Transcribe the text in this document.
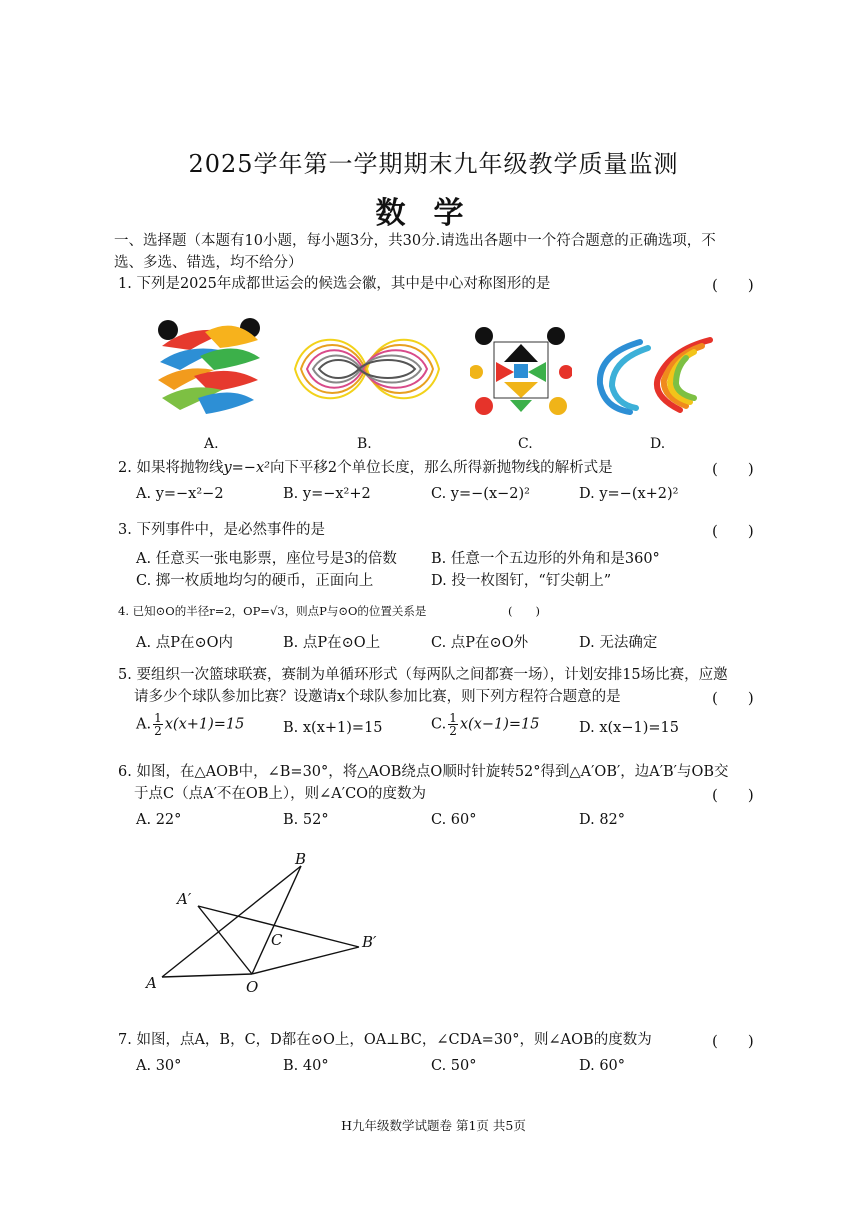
2025学年第一学期期末九年级教学质量监测
数学
一、选择题（本题有10小题，每小题3分，共30分.请选出各题中一个符合题意的正确选项，不
选、多选、错选，均不给分）
1. 下列是2025年成都世运会的候选会徽，其中是中心对称图形的是	(　　)
A.	B.	C.	D.
2. 如果将抛物线y=−x²向下平移2个单位长度，那么所得新抛物线的解析式是	(　　)
A. y=−x²−2	B. y=−x²+2	C. y=−(x−2)²	D. y=−(x+2)²
3. 下列事件中，是必然事件的是	(　　)
A. 任意买一张电影票，座位号是3的倍数 B. 任意一个五边形的外角和是360°
C. 掷一枚质地均匀的硬币，正面向上	D. 投一枚图钉，“钉尖朝上”
4. 已知⊙O的半径r=2，OP=√3，则点P与⊙O的位置关系是	(　　)
A. 点P在⊙O内	B. 点P在⊙O上	C. 点P在⊙O外	D. 无法确定
5. 要组织一次篮球联赛，赛制为单循环形式（每两队之间都赛一场），计划安排15场比赛，应邀
请多少个球队参加比赛？设邀请x个球队参加比赛，则下列方程符合题意的是	(　　)
A. $\frac{1}{2} x(x+1)=15$	B. x(x+1)=15	C. $\frac{1}{2} x(x-1)=15$	D. x(x−1)=15
6. 如图，在△AOB中，∠B=30°，将△AOB绕点O顺时针旋转52°得到△A′OB′，边A′B′与OB交
于点C（点A′不在OB上），则∠A′CO的度数为	(　　)
A. 22°	B. 52°	C. 60°	D. 82°
A	O
B
A′
B′
C
7. 如图，点A，B，C，D都在⊙O上，OA⊥BC，∠CDA=30°，则∠AOB的度数为	(　　)
A. 30°	B. 40°	C. 50°	D. 60°
H九年级数学试题卷 第1页 共5页
